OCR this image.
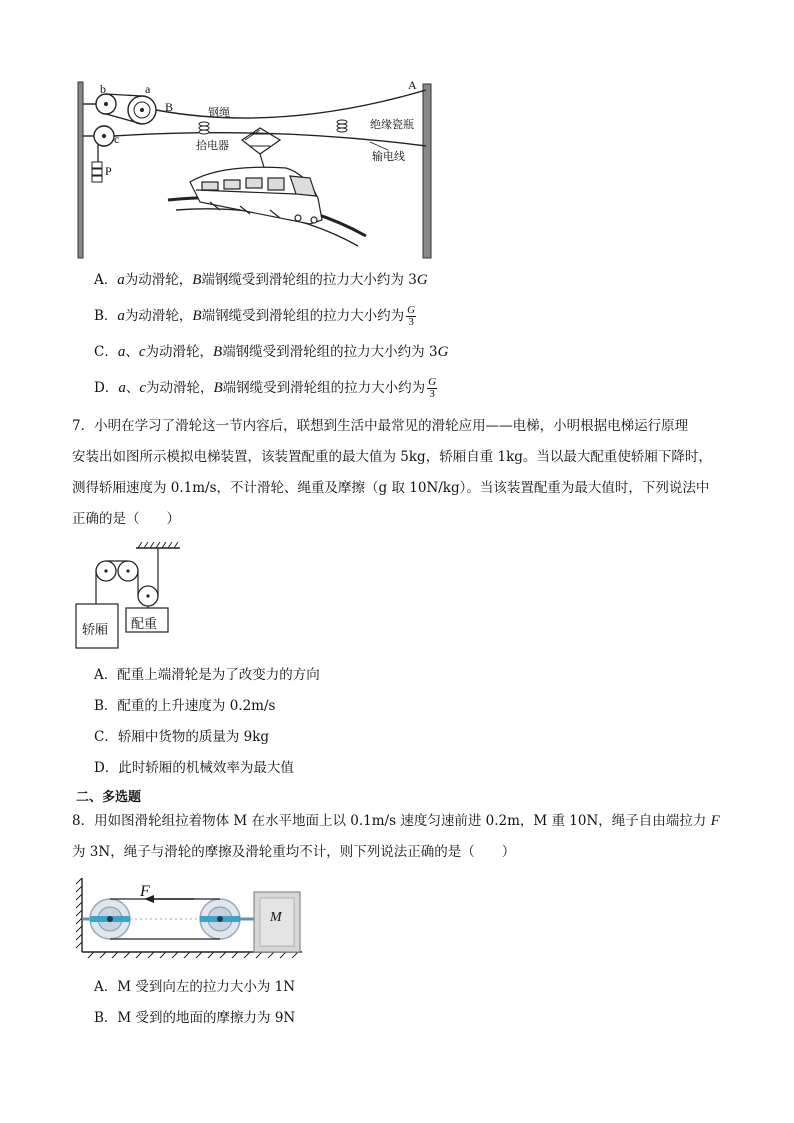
b	a
B
c
P
A
钢绳
绝缘瓷瓶
拾电器
输电线
A．a为动滑轮，B端钢缆受到滑轮组的拉力大小约为 3G
B．a为动滑轮，B端钢缆受到滑轮组的拉力大小约为 $\frac{G}{3}$
C．a、c为动滑轮，B端钢缆受到滑轮组的拉力大小约为 3G
D．a、c为动滑轮，B端钢缆受到滑轮组的拉力大小约为 $\frac{G}{3}$
7．小明在学习了滑轮这一节内容后，联想到生活中最常见的滑轮应用——电梯，小明根据电梯运行原理
安装出如图所示模拟电梯装置，该装置配重的最大值为 5kg，轿厢自重 1kg。当以最大配重使轿厢下降时，
测得轿厢速度为 0.1m/s，不计滑轮、绳重及摩擦（g 取 10N/kg）。当该装置配重为最大值时，下列说法中
正确的是（　　）
轿厢 配重
A．配重上端滑轮是为了改变力的方向
B．配重的上升速度为 0.2m/s
C．轿厢中货物的质量为 9kg
D．此时轿厢的机械效率为最大值
二、多选题
8．用如图滑轮组拉着物体 M 在水平地面上以 0.1m/s 速度匀速前进 0.2m，M 重 10N，绳子自由端拉力 F
为 3N，绳子与滑轮的摩擦及滑轮重均不计，则下列说法正确的是（　　）
F
M
A．M 受到向左的拉力大小为 1N
B．M 受到的地面的摩擦力为 9N
